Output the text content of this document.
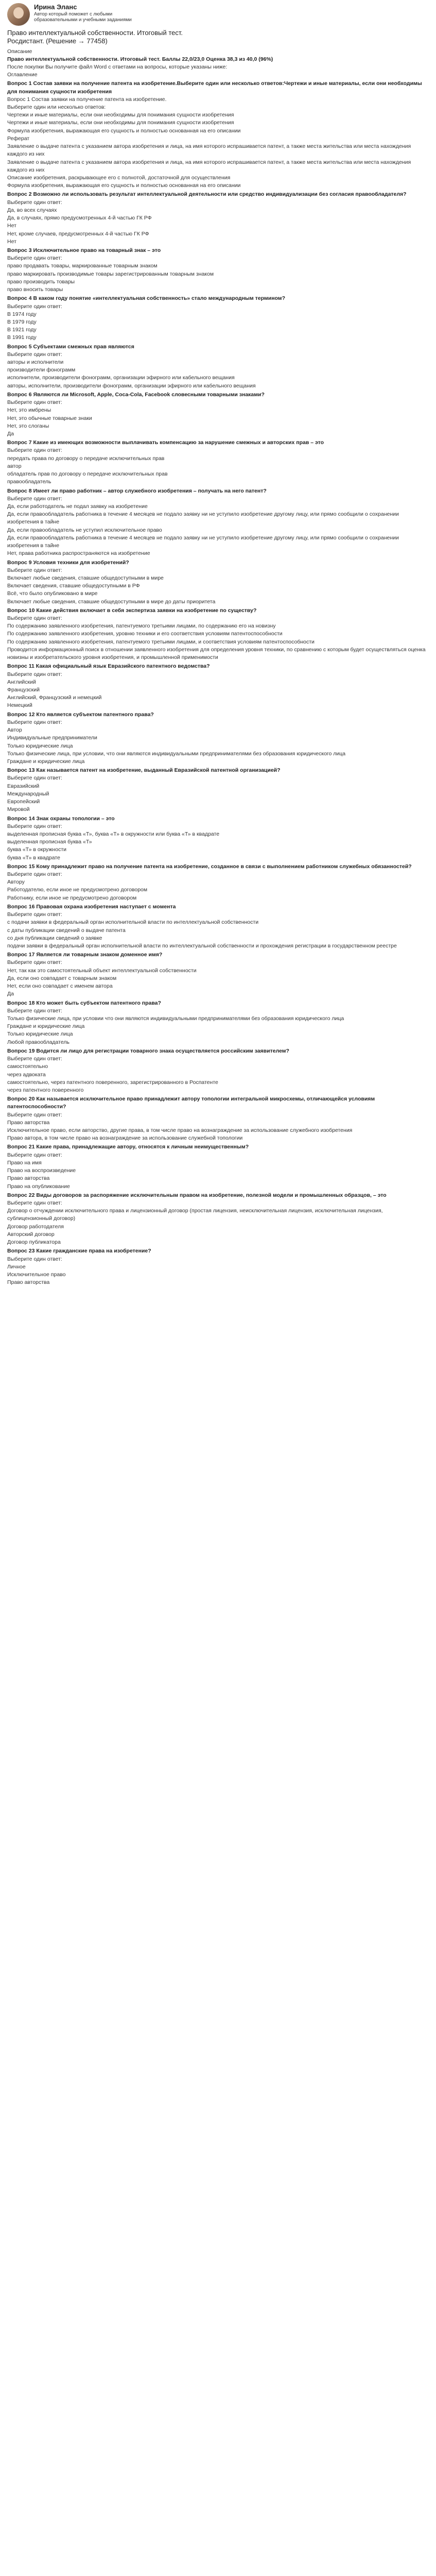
Ирина Эланс
Автор который поможет с любыми образовательными и учебными заданиями
Право интеллектуальной собственности. Итоговый тест.
Росдистант. (Решение → 77458)
Описание
Право интеллектуальной собственности. Итоговый тест. Баллы 22,0/23,0 Оценка 38,3 из 40,0 (96%)
После покупки Вы получите файл Word с ответами на вопросы, которые указаны ниже:
Оглавление
Вопрос 1 Состав заявки на получение патента на изобретение.Выберите один или несколько ответов:Чертежи и иные материалы, если они необходимы для понимания сущности изобретения
Вопрос 1 Состав заявки на получение патента на изобретение.
Выберите один или несколько ответов:
Чертежи и иные материалы, если они необходимы для понимания сущности изобретения
Чертежи и иные материалы, если они необходимы для понимания сущности изобретения
Формула изобретения, выражающая его сущность и полностью основанная на его описании
Реферат
Заявление о выдаче патента с указанием автора изобретения и лица, на имя которого испрашивается патент, а также места жительства или места нахождения каждого из них
Заявление о выдаче патента с указанием автора изобретения и лица, на имя которого испрашивается патент, а также места жительства или места нахождения каждого из них
Описание изобретения, раскрывающее его с полнотой, достаточной для осуществления
Формула изобретения, выражающая его сущность и полностью основанная на его описании
Вопрос 2 Возможно ли использовать результат интеллектуальной деятельности или средство индивидуализации без согласия правообладателя?
Выберите один ответ:
Да, во всех случаях
Да, в случаях, прямо предусмотренных 4-й частью ГК РФ
Нет
Нет, кроме случаев, предусмотренных 4-й частью ГК РФ
Нет
Вопрос 3 Исключительное право на товарный знак – это
Выберите один ответ:
право продавать товары, маркированные товарным знаком
право маркировать производимые товары зарегистрированным товарным знаком
право производить товары
право вносить товары
Вопрос 4 В каком году понятие «интеллектуальная собственность» стало международным термином?
Выберите один ответ:
В 1974 году
В 1979 году
В 1921 году
В 1991 году
Вопрос 5 Субъектами смежных прав являются
Выберите один ответ:
авторы и исполнители
производители фонограмм
исполнители, производители фонограмм, организации эфирного или кабельного вещания
авторы, исполнители, производители фонограмм, организации эфирного или кабельного вещания
Вопрос 6 Являются ли Microsoft, Apple, Coca-Cola, Facebook словесными товарными знаками?
Выберите один ответ:
Нет, это имбрены
Нет, это обычные товарные знаки
Нет, это слоганы
Да
Вопрос 7 Какие из имеющих возможности выплачивать компенсацию за нарушение смежных и авторских прав – это
Выберите один ответ:
передать права по договору о передаче исключительных прав
автор
обладатель прав по договору о передаче исключительных прав
правообладатель
Вопрос 8 Имеет ли право работник – автор служебного изобретения – получать на него патент?
Выберите один ответ:
Да, если работодатель не подал заявку на изобретение
Да, если правообладатель работника в течение 4 месяцев не подало заявку ни не уступило изобретение другому лицу, или прямо сообщили о сохранении изобретения в тайне
Да, если правообладатель не уступил исключительное право
Да, если правообладатель работника в течение 4 месяцев не подало заявку ни не уступило изобретение другому лицу, или прямо сообщили о сохранении изобретения в тайне
Нет, права работника распространяются на изобретение
Вопрос 9 Условия техники для изобретений?
Выберите один ответ:
Включает любые сведения, ставшие общедоступными в мире
Включает сведения, ставшие общедоступными в РФ
Всё, что было опубликовано в мире
Включает любые сведения, ставшие общедоступными в мире до даты приоритета
Вопрос 10 Какие действия включает в себя экспертиза заявки на изобретение по существу?
Выберите один ответ:
По содержанию заявленного изобретения, патентуемого третьими лицами, по содержанию его на новизну
По содержанию заявленного изобретения, уровню техники и его соответствия условиям патентоспособности
По содержанию заявленного изобретения, патентуемого третьими лицами, и соответствия условиям патентоспособности
Проводится информационный поиск в отношении заявленного изобретения для определения уровня техники, по сравнению с которым будет осуществляться оценка новизны и изобретательского уровня изобретения, и промышленной применимости
Вопрос 11 Какая официальный язык Евразийского патентного ведомства?
Выберите один ответ:
Английский
Французский
Английский, Французский и немецкий
Немецкий
Вопрос 12 Кто является субъектом патентного права?
Выберите один ответ:
Автор
Индивидуальные предприниматели
Только юридические лица
Только физические лица, при условии, что они являются индивидуальными предпринимателями без образования юридического лица
Граждане и юридические лица
Вопрос 13 Как называется патент на изобретение, выданный Евразийской патентной организацией?
Выберите один ответ:
Евразийский
Международный
Европейский
Мировой
Вопрос 14 Знак охраны топологии – это
Выберите один ответ:
выделенная прописная буква «Т», буква «Т» в окружности или буква «Т» в квадрате
выделенная прописная буква «Т»
буква «Т» в окружности
буква «Т» в квадрате
Вопрос 15 Кому принадлежит право на получение патента на изобретение, созданное в связи с выполнением работником служебных обязанностей?
Выберите один ответ:
Автору
Работодателю, если иное не предусмотрено договором
Работнику, если иное не предусмотрено договором
Вопрос 16 Правовая охрана изобретения наступает с момента
Выберите один ответ:
с подачи заявки в федеральный орган исполнительной власти по интеллектуальной собственности
с даты публикации сведений о выдаче патента
со дня публикации сведений о заявке
подачи заявки в федеральный орган исполнительной власти по интеллектуальной собственности и прохождения регистрации в государственном реестре
Вопрос 17 Является ли товарным знаком доменное имя?
Выберите один ответ:
Нет, так как это самостоятельный объект интеллектуальной собственности
Да, если оно совпадает с товарным знаком
Нет, если оно совпадает с именем автора
Да
Вопрос 18 Кто может быть субъектом патентного права?
Выберите один ответ:
Только физические лица, при условии что они являются индивидуальными предпринимателями без образования юридического лица
Граждане и юридические лица
Только юридические лица
Любой правообладатель
Вопрос 19 Водится ли лицо для регистрации товарного знака осуществляется российским заявителем?
Выберите один ответ:
самостоятельно
через адвоката
самостоятельно, через патентного поверенного, зарегистрированного в Роспатенте
через патентного поверенного
Вопрос 20 Как называется исключительное право принадлежит автору топологии интегральной микросхемы, отличающейся условиям патентоспособности?
Выберите один ответ:
Право авторства
Исключительное право, если авторство, другие права, в том числе право на вознаграждение за использование служебного изобретения
Право автора, в том числе право на вознаграждение за использование служебной топологии
Вопрос 21 Какие права, принадлежащие автору, относятся к личным неимущественным?
Выберите один ответ:
Право на имя
Право на воспроизведение
Право авторства
Право на опубликование
Вопрос 22 Виды договоров за распоряжение исключительным правом на изобретение, полезной модели и промышленных образцов, – это
Выберите один ответ:
Договор о отчуждении исключительного права и лицензионный договор (простая лицензия, неисключительная лицензия, исключительная лицензия, сублицензионный договор)
Договор работодателя
Авторский договор
Договор публикатора
Вопрос 23 Какие гражданские права на изобретение?
Выберите один ответ:
Личное
Исключительное право
Право авторства
